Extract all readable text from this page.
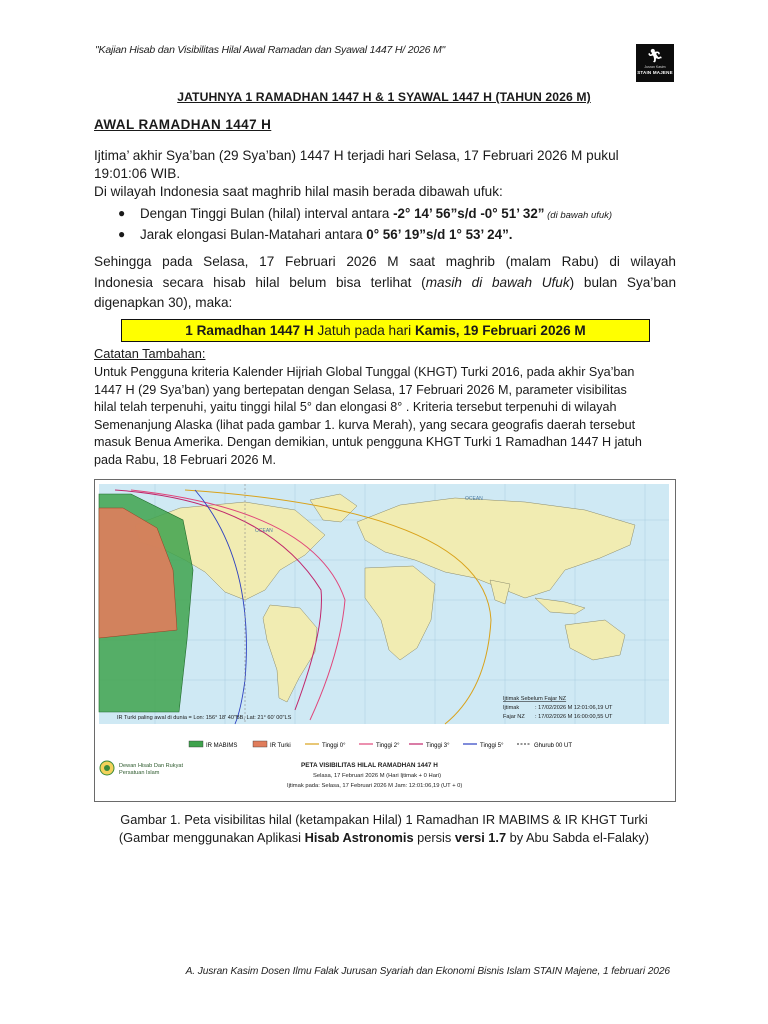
"Kajian Hisab dan Visibilitas Hilal Awal Ramadan dan Syawal 1447 H/ 2026 M"	🏃︎
Jusran Kasim
STAIN MAJENE
JATUHNYA 1 RAMADHAN 1447 H & 1 SYAWAL 1447 H (TAHUN 2026 M)
AWAL RAMADHAN 1447 H
Ijtima’ akhir Sya’ban (29 Sya’ban) 1447 H terjadi hari Selasa, 17 Februari 2026 M pukul
19:01:06 WIB.
Di wilayah Indonesia saat maghrib hilal masih berada dibawah ufuk:
● Dengan Tinggi Bulan (hilal) interval antara -2° 14’ 56”s/d -0° 51’ 32” (di bawah ufuk)
● Jarak elongasi Bulan-Matahari antara 0° 56’ 19”s/d 1° 53’ 24”.
Sehingga pada Selasa, 17 Februari 2026 M saat maghrib (malam Rabu) di wilayah
Indonesia secara hisab hilal belum bisa terlihat (masih di bawah Ufuk) bulan Sya’ban
digenapkan 30), maka:
1 Ramadhan 1447 H Jatuh pada hari Kamis, 19 Februari 2026 M
Catatan Tambahan:
Untuk Pengguna kriteria Kalender Hijriah Global Tunggal (KHGT) Turki 2016, pada akhir Sya’ban
1447 H (29 Sya’ban) yang bertepatan dengan Selasa, 17 Februari 2026 M, parameter visibilitas
hilal telah terpenuhi, yaitu tinggi hilal 5° dan elongasi 8° . Kriteria tersebut terpenuhi di wilayah
Semenanjung Alaska (lihat pada gambar 1. kurva Merah), yang secara geografis daerah tersebut
masuk Benua Amerika. Dengan demikian, untuk pengguna KHGT Turki 1 Ramadhan 1447 H jatuh
pada Rabu, 18 Februari 2026 M.
OCEAN
OCEAN
IR Turki paling awal di dunia = Lon: 156° 18' 40"BB, Lat: 21° 60' 00"LS
Ijtimak Sebelum Fajar NZ
Ijtimak	: 17/02/2026 M 12:01:06,19 UT
Fajar NZ : 17/02/2026 M 16:00:00,55 UT
IR MABIMS	IR Turki	Tinggi 0°	Tinggi 2°	Tinggi 3°	Tinggi 5°	Ghurub 00 UT
Dewan Hisab Dan Rukyat
Persatuan Islam
PETA VISIBILITAS HILAL RAMADHAN 1447 H
Selasa, 17 Februari 2026 M (Hari Ijtimak + 0 Hari)
Ijtimak pada: Selasa, 17 Februari 2026 M Jam: 12:01:06,19 (UT + 0)
Gambar 1. Peta visibilitas hilal (ketampakan Hilal) 1 Ramadhan IR MABIMS & IR KHGT Turki
(Gambar menggunakan Aplikasi Hisab Astronomis persis versi 1.7 by Abu Sabda el-Falaky)
A. Jusran Kasim Dosen Ilmu Falak Jurusan Syariah dan Ekonomi Bisnis Islam STAIN Majene, 1 februari 2026
